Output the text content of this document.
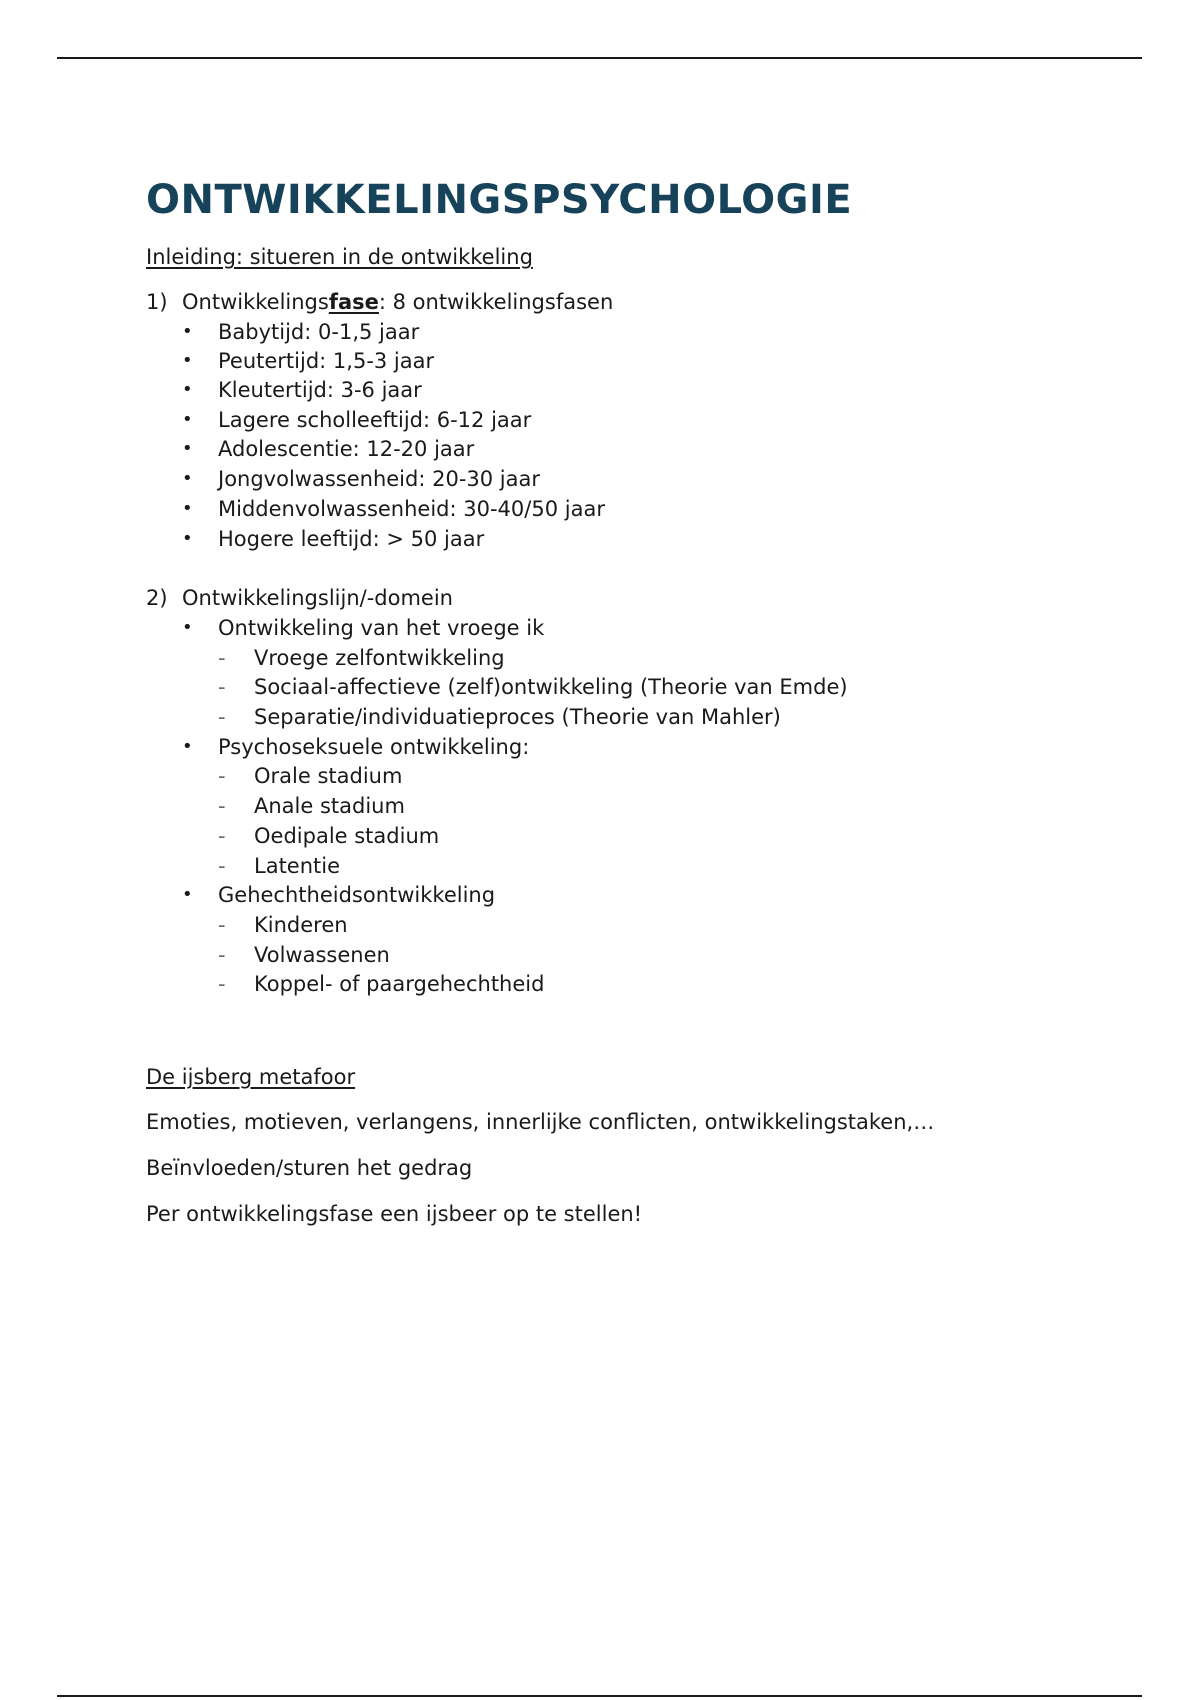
ONTWIKKELINGSPSYCHOLOGIE
Inleiding: situeren in de ontwikkeling
1) Ontwikkelingsfase: 8 ontwikkelingsfasen
• Babytijd: 0-1,5 jaar
• Peutertijd: 1,5-3 jaar
• Kleutertijd: 3-6 jaar
• Lagere scholleeftijd: 6-12 jaar
• Adolescentie: 12-20 jaar
• Jongvolwassenheid: 20-30 jaar
• Middenvolwassenheid: 30-40/50 jaar
• Hogere leeftijd: > 50 jaar
2) Ontwikkelingslijn/-domein
• Ontwikkeling van het vroege ik
- Vroege zelfontwikkeling
- Sociaal-affectieve (zelf)ontwikkeling (Theorie van Emde)
- Separatie/individuatieproces (Theorie van Mahler)
• Psychoseksuele ontwikkeling:
- Orale stadium
- Anale stadium
- Oedipale stadium
- Latentie
• Gehechtheidsontwikkeling
- Kinderen
- Volwassenen
- Koppel- of paargehechtheid
De ijsberg metafoor
Emoties, motieven, verlangens, innerlijke conflicten, ontwikkelingstaken,…
Beïnvloeden/sturen het gedrag
Per ontwikkelingsfase een ijsbeer op te stellen!
